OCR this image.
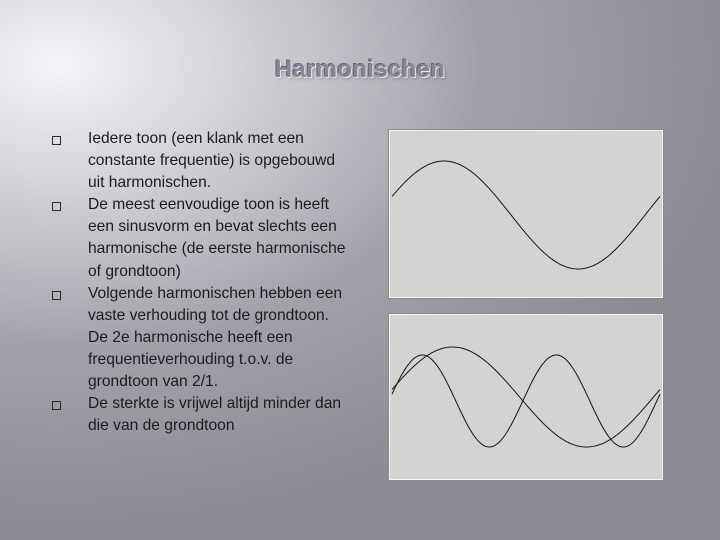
Harmonischen
Iedere toon (een klank met een constante frequentie) is opgebouwd uit harmonischen.
De meest eenvoudige toon is heeft een sinusvorm en bevat slechts een harmonische (de eerste harmonische of grondtoon)
Volgende harmonischen hebben een vaste verhouding tot de grondtoon. De 2e harmonische heeft een frequentieverhouding t.o.v. de grondtoon van 2/1.
De sterkte is vrijwel altijd minder dan die van de grondtoon
